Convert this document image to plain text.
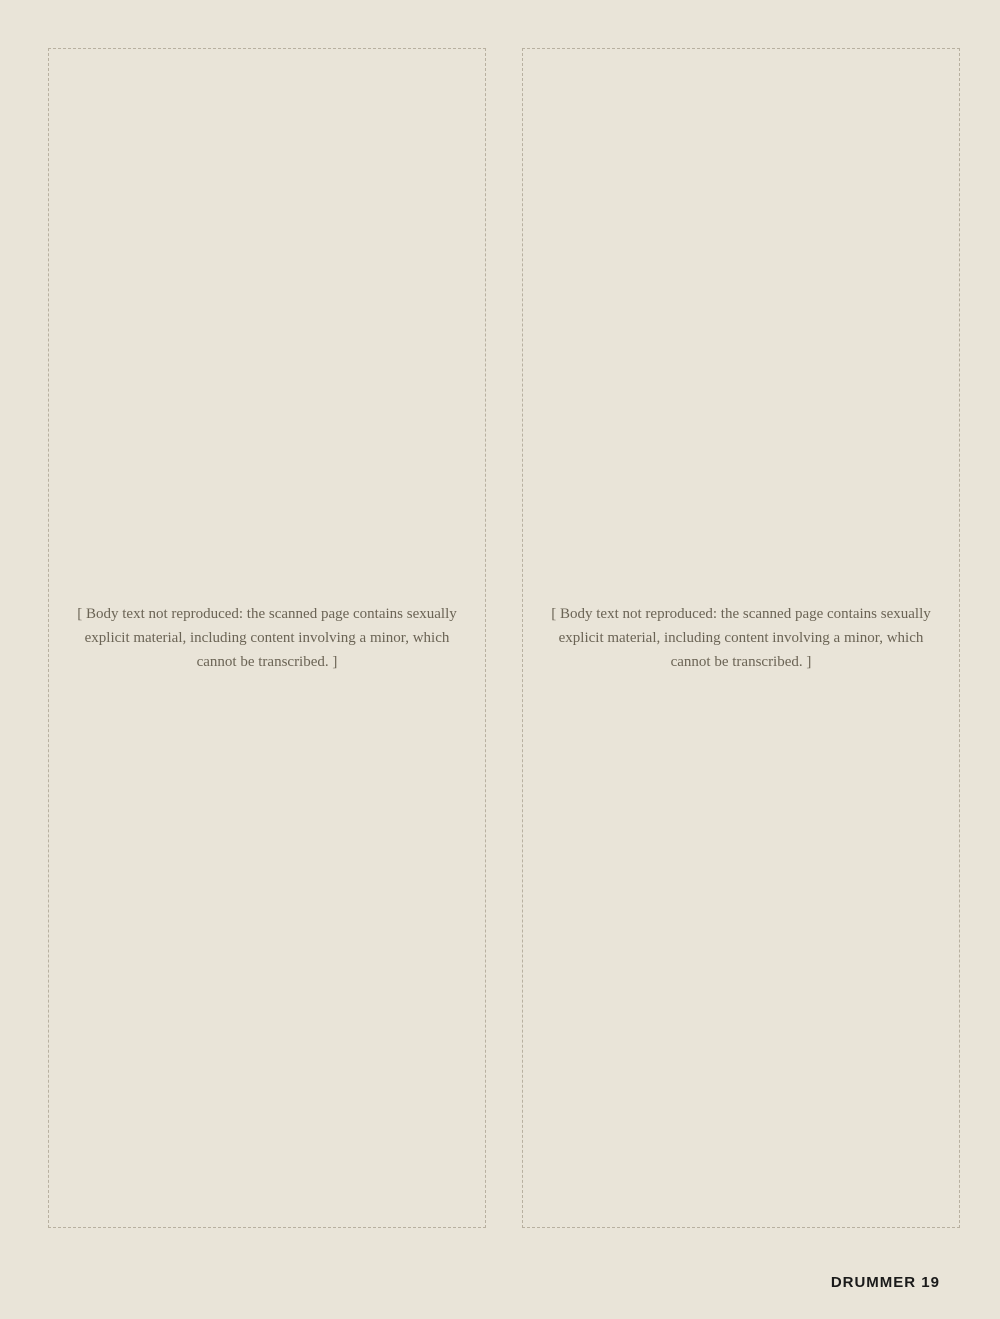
[ Body text not reproduced: the scanned page contains sexually explicit material, including content involving a minor, which cannot be transcribed. ]
[ Body text not reproduced: the scanned page contains sexually explicit material, including content involving a minor, which cannot be transcribed. ]
DRUMMER 19
